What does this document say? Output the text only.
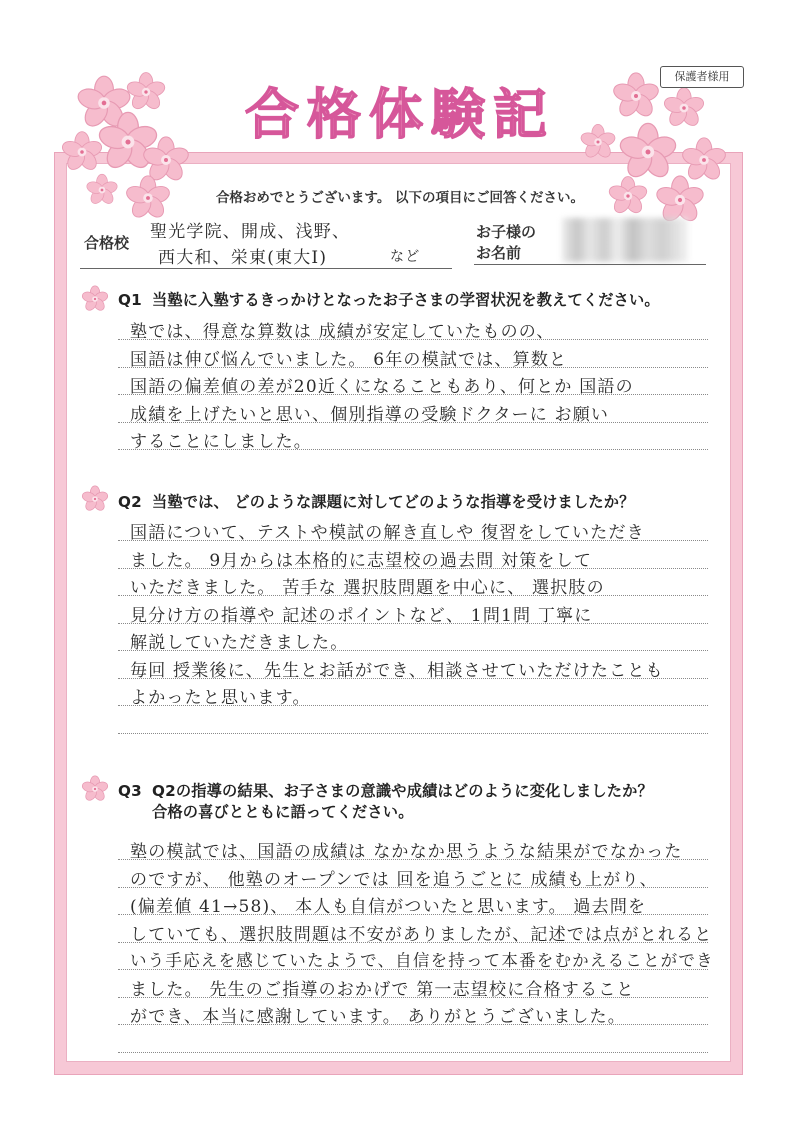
保護者様用
合格体験記
合格おめでとうございます。 以下の項目にご回答ください。
合格校
聖光学院、開成、浅野、
西大和、栄東(東大Ⅰ)	など
お子様の
お名前
Q1 当塾に入塾するきっかけとなったお子さまの学習状況を教えてください。
塾では、得意な算数は 成績が安定していたものの、
国語は伸び悩んでいました。 6年の模試では、算数と
国語の偏差値の差が20近くになることもあり、何とか 国語の
成績を上げたいと思い、個別指導の受験ドクターに お願い
することにしました。
Q2 当塾では、 どのような課題に対してどのような指導を受けましたか？
国語について、テストや模試の解き直しや 復習をしていただき
ました。 9月からは本格的に志望校の過去問 対策をして
いただきました。 苦手な 選択肢問題を中心に、 選択肢の
見分け方の指導や 記述のポイントなど、 1問1問 丁寧に
解説していただきました。
毎回 授業後に、先生とお話ができ、相談させていただけたことも
よかったと思います。
Q3 Q2の指導の結果、お子さまの意識や成績はどのように変化しましたか？
合格の喜びとともに語ってください。
塾の模試では、国語の成績は なかなか思うような結果がでなかった
のですが、 他塾のオープンでは 回を追うごとに 成績も上がり、
(偏差値 41→58)、 本人も自信がついたと思います。 過去問を
していても、選択肢問題は不安がありましたが、記述では点がとれると
いう手応えを感じていたようで、自信を持って本番をむかえることができ
ました。 先生のご指導のおかげで 第一志望校に合格すること
ができ、本当に感謝しています。 ありがとうございました。
